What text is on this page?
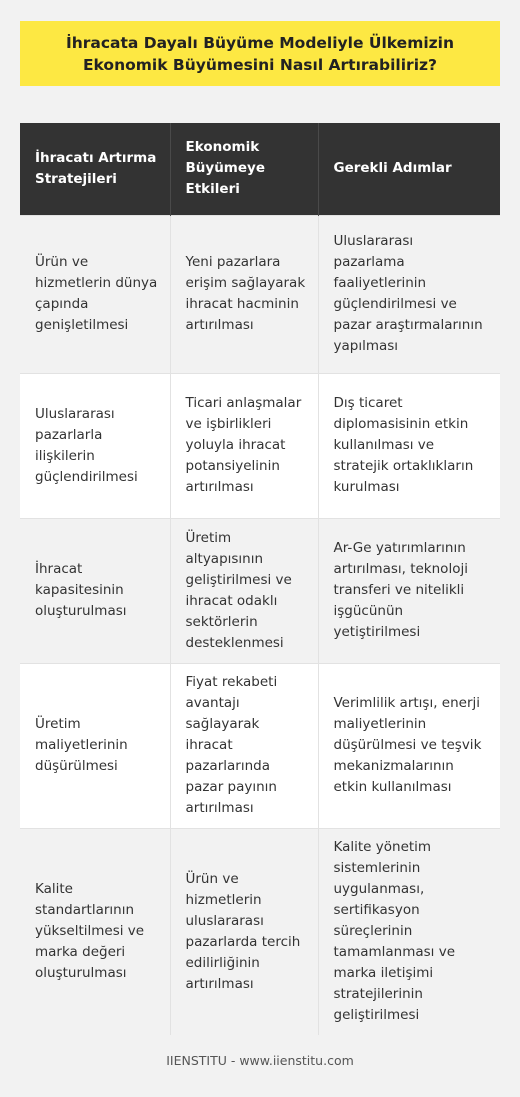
İhracata Dayalı Büyüme Modeliyle Ülkemizin Ekonomik Büyümesini Nasıl Artırabiliriz?
İhracatı Artırma Stratejileri	Ekonomik Büyümeye Etkileri	Gerekli Adımlar
Ürün ve hizmetlerin dünya çapında genişletilmesi	Yeni pazarlara erişim sağlayarak ihracat hacminin artırılması	Uluslararası pazarlama faaliyetlerinin güçlendirilmesi ve pazar araştırmalarının yapılması
Uluslararası pazarlarla ilişkilerin güçlendirilmesi	Ticari anlaşmalar ve işbirlikleri yoluyla ihracat potansiyelinin artırılması	Dış ticaret diplomasisinin etkin kullanılması ve stratejik ortaklıkların kurulması
İhracat kapasitesinin oluşturulması	Üretim altyapısının geliştirilmesi ve ihracat odaklı sektörlerin desteklenmesi	Ar-Ge yatırımlarının artırılması, teknoloji transferi ve nitelikli işgücünün yetiştirilmesi
Üretim maliyetlerinin düşürülmesi	Fiyat rekabeti avantajı sağlayarak ihracat pazarlarında pazar payının artırılması	Verimlilik artışı, enerji maliyetlerinin düşürülmesi ve teşvik mekanizmalarının etkin kullanılması
Kalite standartlarının yükseltilmesi ve marka değeri oluşturulması	Ürün ve hizmetlerin uluslararası pazarlarda tercih edilirliğinin artırılması	Kalite yönetim sistemlerinin uygulanması, sertifikasyon süreçlerinin tamamlanması ve marka iletişimi stratejilerinin geliştirilmesi
IIENSTITU - www.iienstitu.com
